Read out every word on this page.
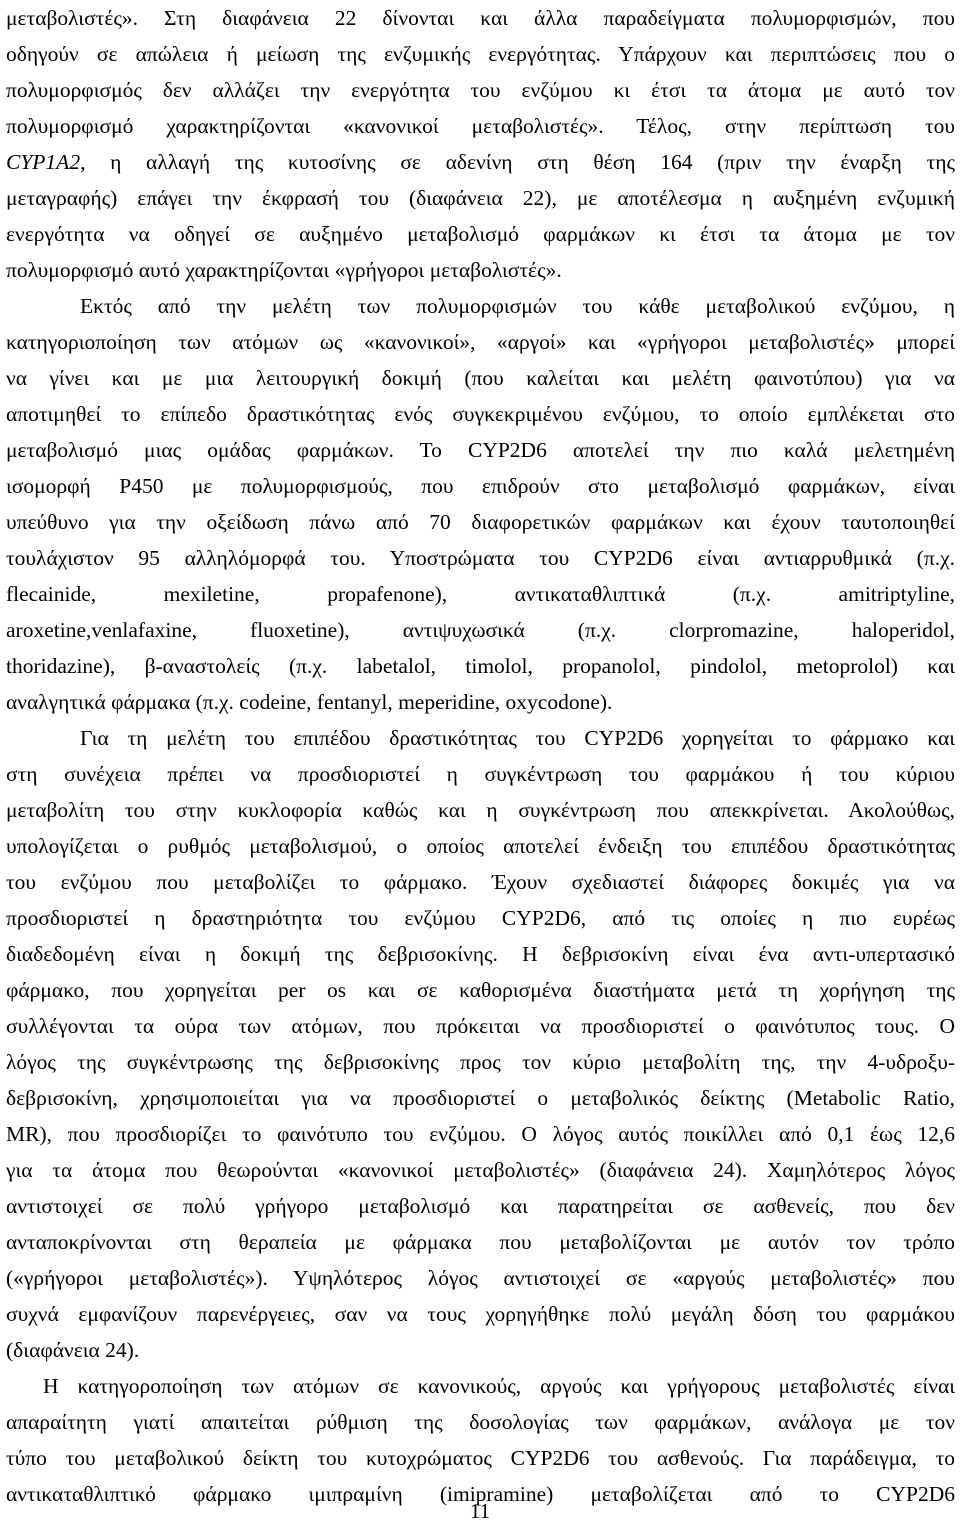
μεταβολιστές». Στη διαφάνεια 22 δίνονται και άλλα παραδείγματα πολυμορφισμών, που
οδηγούν σε απώλεια ή μείωση της ενζυμικής ενεργότητας. Υπάρχουν και περιπτώσεις που ο
πολυμορφισμός δεν αλλάζει την ενεργότητα του ενζύμου κι έτσι τα άτομα με αυτό τον
πολυμορφισμό χαρακτηρίζονται «κανονικοί μεταβολιστές». Τέλος, στην περίπτωση του
CYP1A2, η αλλαγή της κυτοσίνης σε αδενίνη στη θέση 164 (πριν την έναρξη της
μεταγραφής) επάγει την έκφρασή του (διαφάνεια 22), με αποτέλεσμα η αυξημένη ενζυμική
ενεργότητα να οδηγεί σε αυξημένο μεταβολισμό φαρμάκων κι έτσι τα άτομα με τον
πολυμορφισμό αυτό χαρακτηρίζονται «γρήγοροι μεταβολιστές».
Εκτός από την μελέτη των πολυμορφισμών του κάθε μεταβολικού ενζύμου, η
κατηγοριοποίηση των ατόμων ως «κανονικοί», «αργοί» και «γρήγοροι μεταβολιστές» μπορεί
να γίνει και με μια λειτουργική δοκιμή (που καλείται και μελέτη φαινοτύπου) για να
αποτιμηθεί το επίπεδο δραστικότητας ενός συγκεκριμένου ενζύμου, το οποίο εμπλέκεται στο
μεταβολισμό μιας ομάδας φαρμάκων. Το CYP2D6 αποτελεί την πιο καλά μελετημένη
ισομορφή P450 με πολυμορφισμούς, που επιδρούν στο μεταβολισμό φαρμάκων, είναι
υπεύθυνο για την οξείδωση πάνω από 70 διαφορετικών φαρμάκων και έχουν ταυτοποιηθεί
τουλάχιστον 95 αλληλόμορφά του. Υποστρώματα του CYP2D6 είναι αντιαρρυθμικά (π.χ.
flecainide, mexiletine, propafenone), αντικαταθλιπτικά (π.χ. amitriptyline,
aroxetine,venlafaxine, fluoxetine), αντιψυχωσικά (π.χ. clorpromazine, haloperidol,
thoridazine), β-αναστολείς (π.χ. labetalol, timolol, propanolol, pindolol, metoprolol) και
αναλγητικά φάρμακα (π.χ. codeine, fentanyl, meperidine, oxycodone).
Για τη μελέτη του επιπέδου δραστικότητας του CYP2D6 χορηγείται το φάρμακο και
στη συνέχεια πρέπει να προσδιοριστεί η συγκέντρωση του φαρμάκου ή του κύριου
μεταβολίτη του στην κυκλοφορία καθώς και η συγκέντρωση που απεκκρίνεται. Ακολούθως,
υπολογίζεται ο ρυθμός μεταβολισμού, ο οποίος αποτελεί ένδειξη του επιπέδου δραστικότητας
του ενζύμου που μεταβολίζει το φάρμακο. Έχουν σχεδιαστεί διάφορες δοκιμές για να
προσδιοριστεί η δραστηριότητα του ενζύμου CYP2D6, από τις οποίες η πιο ευρέως
διαδεδομένη είναι η δοκιμή της δεβρισοκίνης. Η δεβρισοκίνη είναι ένα αντι-υπερτασικό
φάρμακο, που χορηγείται per os και σε καθορισμένα διαστήματα μετά τη χορήγηση της
συλλέγονται τα ούρα των ατόμων, που πρόκειται να προσδιοριστεί ο φαινότυπος τους. Ο
λόγος της συγκέντρωσης της δεβρισοκίνης προς τον κύριο μεταβολίτη της, την 4-υδροξυ-
δεβρισοκίνη, χρησιμοποιείται για να προσδιοριστεί ο μεταβολικός δείκτης (Metabolic Ratio,
MR), που προσδιορίζει το φαινότυπο του ενζύμου. Ο λόγος αυτός ποικίλλει από 0,1 έως 12,6
για τα άτομα που θεωρούνται «κανονικοί μεταβολιστές» (διαφάνεια 24). Χαμηλότερος λόγος
αντιστοιχεί σε πολύ γρήγορο μεταβολισμό και παρατηρείται σε ασθενείς, που δεν
ανταποκρίνονται στη θεραπεία με φάρμακα που μεταβολίζονται με αυτόν τον τρόπο
(«γρήγοροι μεταβολιστές»). Υψηλότερος λόγος αντιστοιχεί σε «αργούς μεταβολιστές» που
συχνά εμφανίζουν παρενέργειες, σαν να τους χορηγήθηκε πολύ μεγάλη δόση του φαρμάκου
(διαφάνεια 24).
Η κατηγοροποίηση των ατόμων σε κανονικούς, αργούς και γρήγορους μεταβολιστές είναι
απαραίτητη γιατί απαιτείται ρύθμιση της δοσολογίας των φαρμάκων, ανάλογα με τον
τύπο του μεταβολικού δείκτη του κυτοχρώματος CYP2D6 του ασθενούς. Για παράδειγμα, το
αντικαταθλιπτικό φάρμακο ιμιπραμίνη (imipramine) μεταβολίζεται από το CYP2D6
11
